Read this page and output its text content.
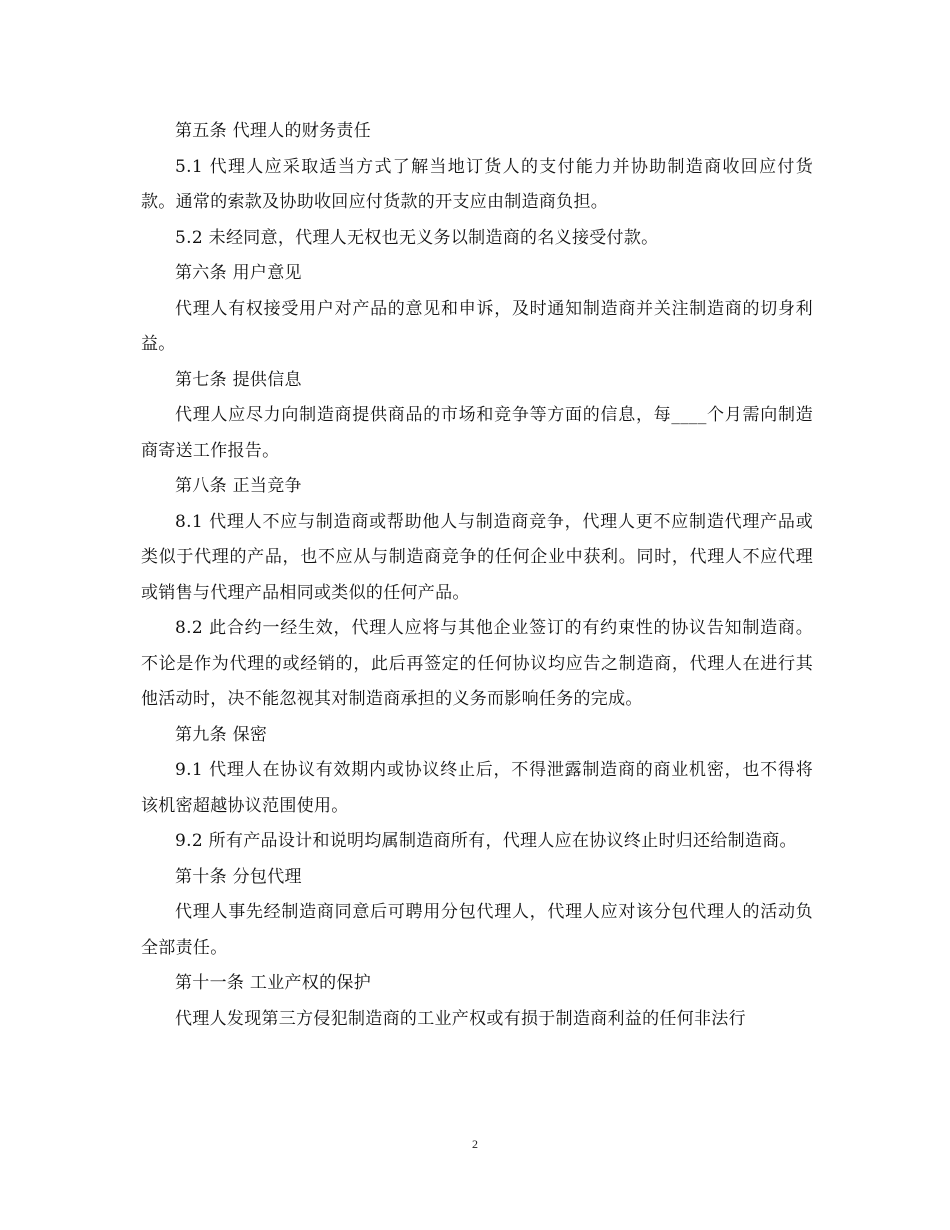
第五条 代理人的财务责任

5.1 代理人应采取适当方式了解当地订货人的支付能力并协助制造商收回应付货款。通常的索款及协助收回应付货款的开支应由制造商负担。

5.2 未经同意，代理人无权也无义务以制造商的名义接受付款。

第六条 用户意见

代理人有权接受用户对产品的意见和申诉，及时通知制造商并关注制造商的切身利益。

第七条 提供信息

代理人应尽力向制造商提供商品的市场和竞争等方面的信息，每____个月需向制造商寄送工作报告。

第八条 正当竞争

8.1 代理人不应与制造商或帮助他人与制造商竞争，代理人更不应制造代理产品或类似于代理的产品，也不应从与制造商竞争的任何企业中获利。同时，代理人不应代理或销售与代理产品相同或类似的任何产品。

8.2 此合约一经生效，代理人应将与其他企业签订的有约束性的协议告知制造商。不论是作为代理的或经销的，此后再签定的任何协议均应告之制造商，代理人在进行其他活动时，决不能忽视其对制造商承担的义务而影响任务的完成。

第九条 保密

9.1 代理人在协议有效期内或协议终止后，不得泄露制造商的商业机密，也不得将该机密超越协议范围使用。

9.2 所有产品设计和说明均属制造商所有，代理人应在协议终止时归还给制造商。

第十条 分包代理

代理人事先经制造商同意后可聘用分包代理人，代理人应对该分包代理人的活动负全部责任。

第十一条 工业产权的保护

代理人发现第三方侵犯制造商的工业产权或有损于制造商利益的任何非法行

2
